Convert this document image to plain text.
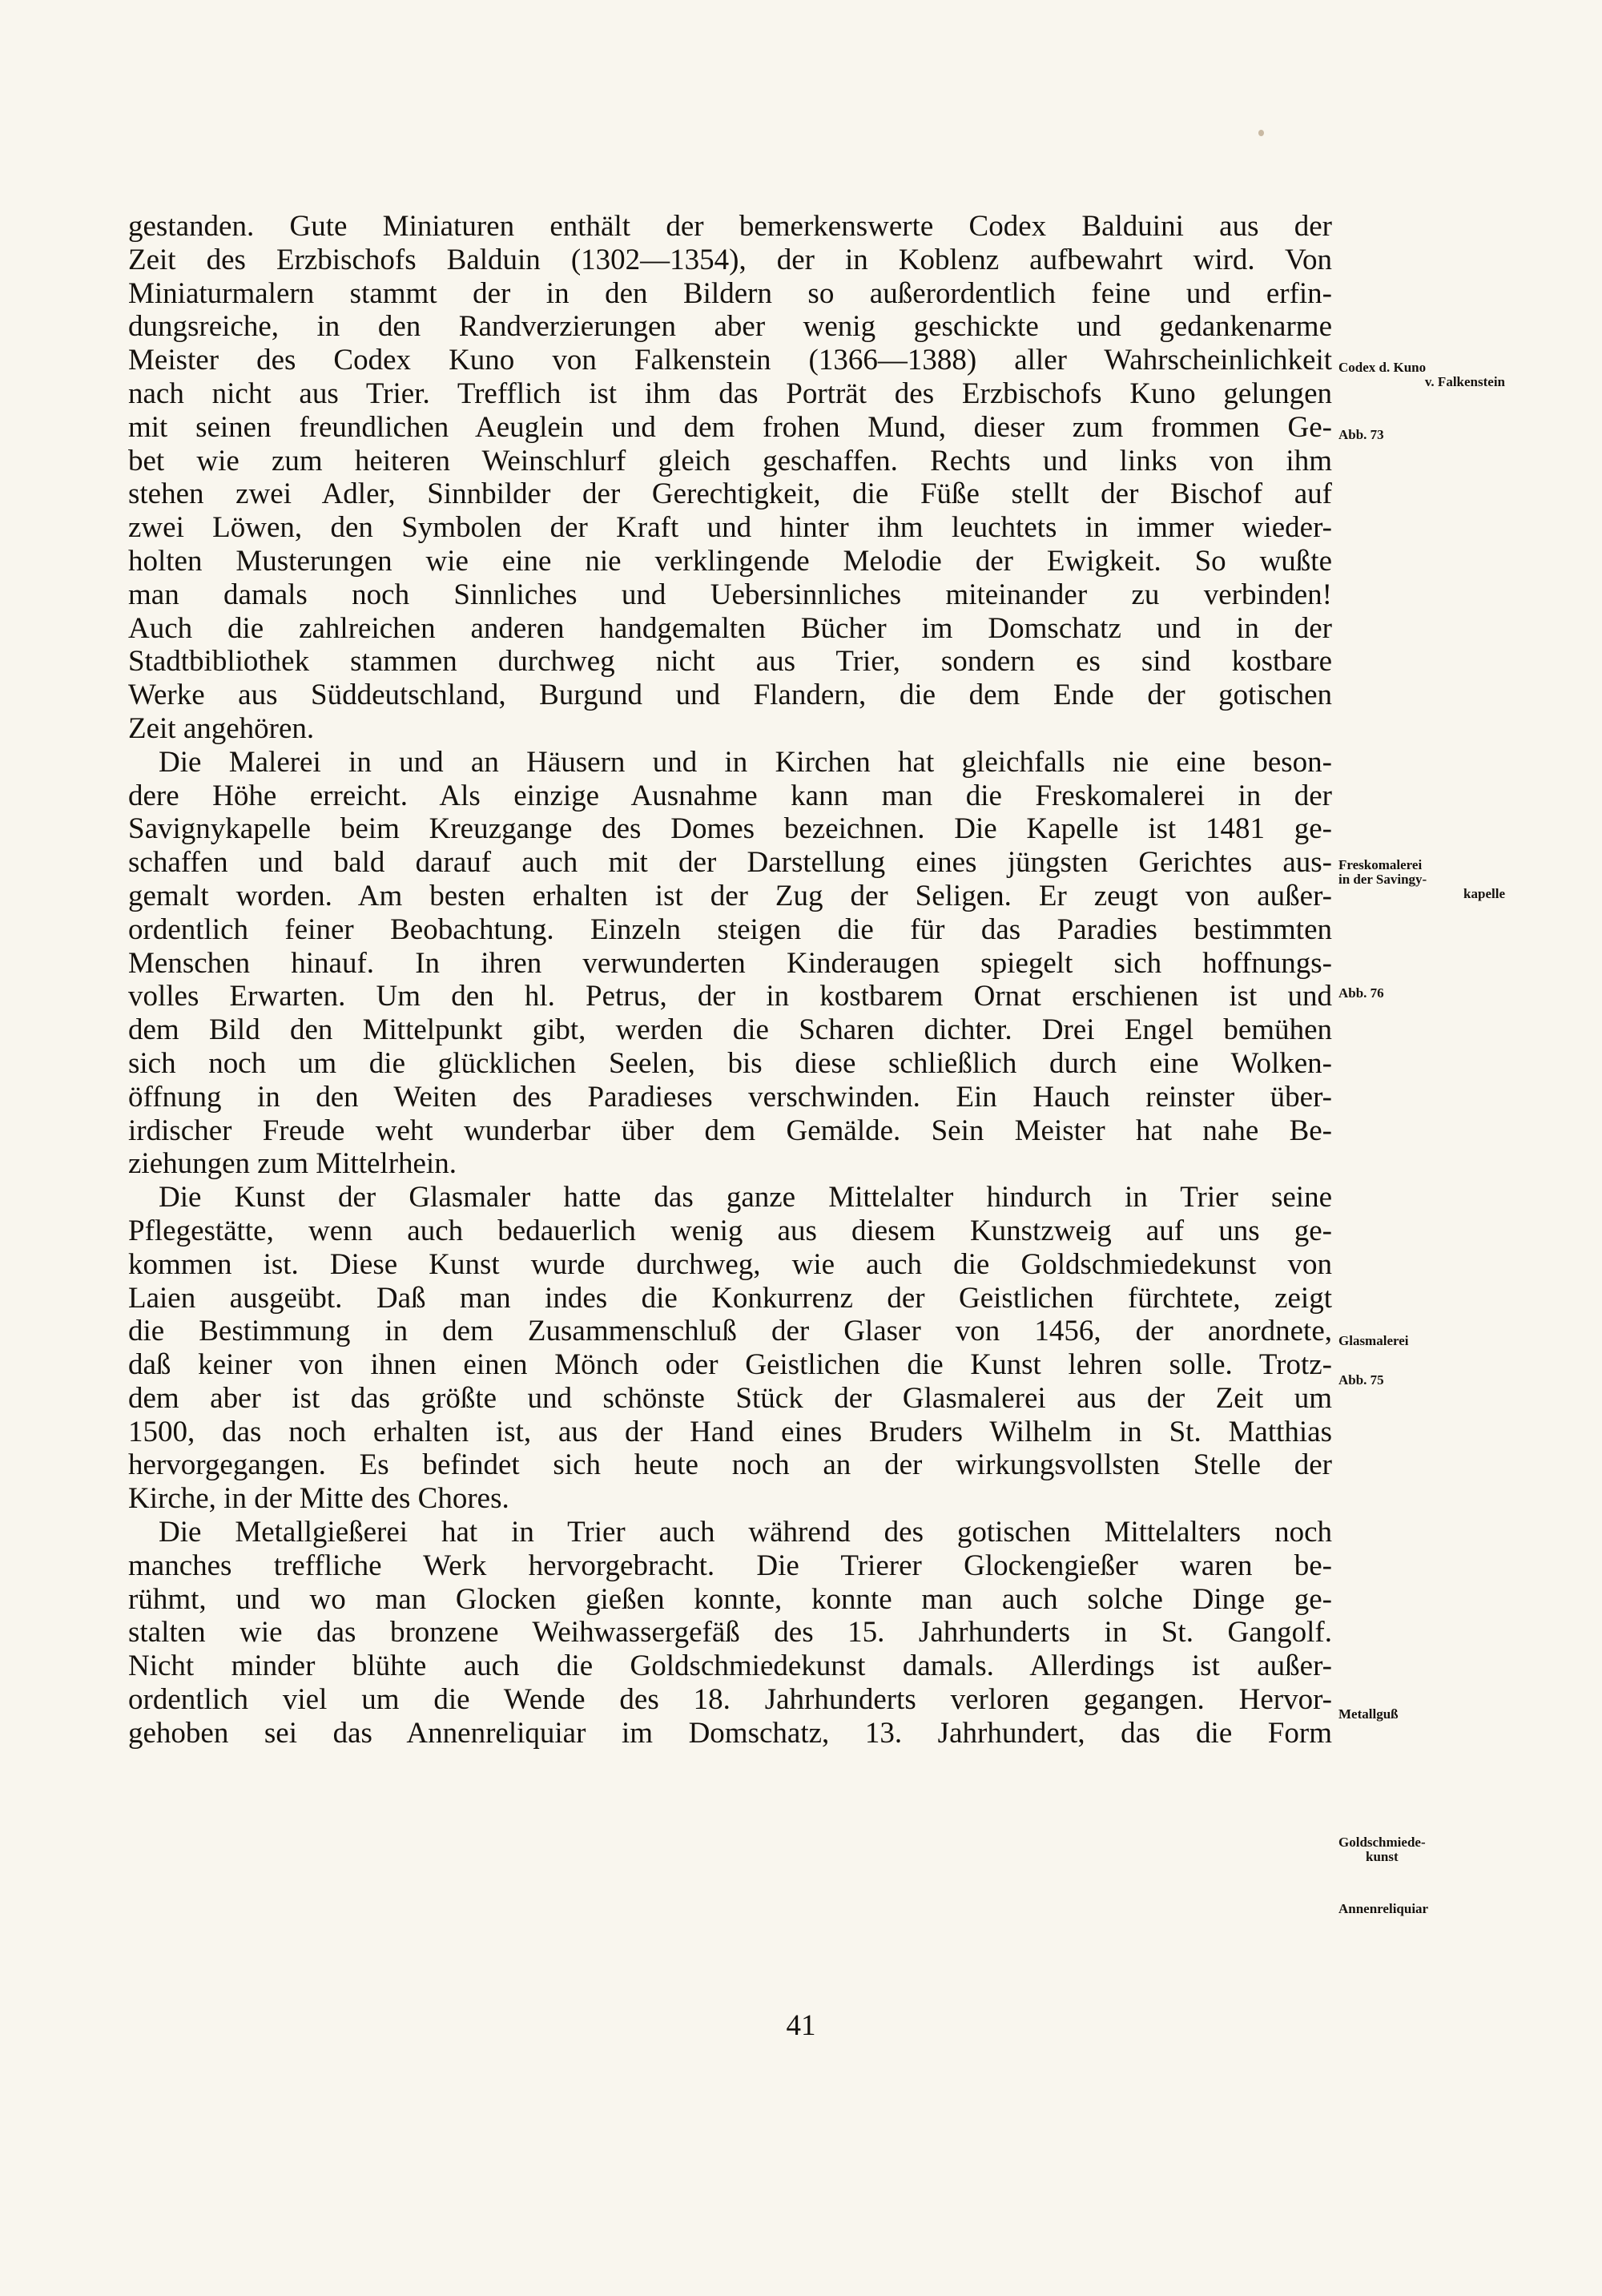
gestanden. Gute Miniaturen enthält der bemerkenswerte Codex Balduini aus der
Zeit des Erzbischofs Balduin (1302—1354), der in Koblenz aufbewahrt wird. Von
Miniaturmalern stammt der in den Bildern so außerordentlich feine und erfin-
dungsreiche, in den Randverzierungen aber wenig geschickte und gedankenarme
Meister des Codex Kuno von Falkenstein (1366—1388) aller Wahrscheinlichkeit
nach nicht aus Trier. Trefflich ist ihm das Porträt des Erzbischofs Kuno gelungen
mit seinen freundlichen Aeuglein und dem frohen Mund, dieser zum frommen Ge-
bet wie zum heiteren Weinschlurf gleich geschaffen. Rechts und links von ihm
stehen zwei Adler, Sinnbilder der Gerechtigkeit, die Füße stellt der Bischof auf
zwei Löwen, den Symbolen der Kraft und hinter ihm leuchtets in immer wieder-
holten Musterungen wie eine nie verklingende Melodie der Ewigkeit. So wußte
man damals noch Sinnliches und Uebersinnliches miteinander zu verbinden!
Auch die zahlreichen anderen handgemalten Bücher im Domschatz und in der
Stadtbibliothek stammen durchweg nicht aus Trier, sondern es sind kostbare
Werke aus Süddeutschland, Burgund und Flandern, die dem Ende der gotischen
Zeit angehören.
Die Malerei in und an Häusern und in Kirchen hat gleichfalls nie eine beson-
dere Höhe erreicht. Als einzige Ausnahme kann man die Freskomalerei in der
Savignykapelle beim Kreuzgange des Domes bezeichnen. Die Kapelle ist 1481 ge-
schaffen und bald darauf auch mit der Darstellung eines jüngsten Gerichtes aus-
gemalt worden. Am besten erhalten ist der Zug der Seligen. Er zeugt von außer-
ordentlich feiner Beobachtung. Einzeln steigen die für das Paradies bestimmten
Menschen hinauf. In ihren verwunderten Kinderaugen spiegelt sich hoffnungs-
volles Erwarten. Um den hl. Petrus, der in kostbarem Ornat erschienen ist und
dem Bild den Mittelpunkt gibt, werden die Scharen dichter. Drei Engel bemühen
sich noch um die glücklichen Seelen, bis diese schließlich durch eine Wolken-
öffnung in den Weiten des Paradieses verschwinden. Ein Hauch reinster über-
irdischer Freude weht wunderbar über dem Gemälde. Sein Meister hat nahe Be-
ziehungen zum Mittelrhein.
Die Kunst der Glasmaler hatte das ganze Mittelalter hindurch in Trier seine
Pflegestätte, wenn auch bedauerlich wenig aus diesem Kunstzweig auf uns ge-
kommen ist. Diese Kunst wurde durchweg, wie auch die Goldschmiedekunst von
Laien ausgeübt. Daß man indes die Konkurrenz der Geistlichen fürchtete, zeigt
die Bestimmung in dem Zusammenschluß der Glaser von 1456, der anordnete,
daß keiner von ihnen einen Mönch oder Geistlichen die Kunst lehren solle. Trotz-
dem aber ist das größte und schönste Stück der Glasmalerei aus der Zeit um
1500, das noch erhalten ist, aus der Hand eines Bruders Wilhelm in St. Matthias
hervorgegangen. Es befindet sich heute noch an der wirkungsvollsten Stelle der
Kirche, in der Mitte des Chores.
Die Metallgießerei hat in Trier auch während des gotischen Mittelalters noch
manches treffliche Werk hervorgebracht. Die Trierer Glockengießer waren be-
rühmt, und wo man Glocken gießen konnte, konnte man auch solche Dinge ge-
stalten wie das bronzene Weihwassergefäß des 15. Jahrhunderts in St. Gangolf.
Nicht minder blühte auch die Goldschmiedekunst damals. Allerdings ist außer-
ordentlich viel um die Wende des 18. Jahrhunderts verloren gegangen. Hervor-
gehoben sei das Annenreliquiar im Domschatz, 13. Jahrhundert, das die Form
Codex d. Kuno
v. Falkenstein
Abb. 73
Freskomalerei
in der Savingy-
kapelle
Abb. 76
Glasmalerei
Abb. 75
Metallguß
Goldschmiede-
kunst
Annenreliquiar
41
